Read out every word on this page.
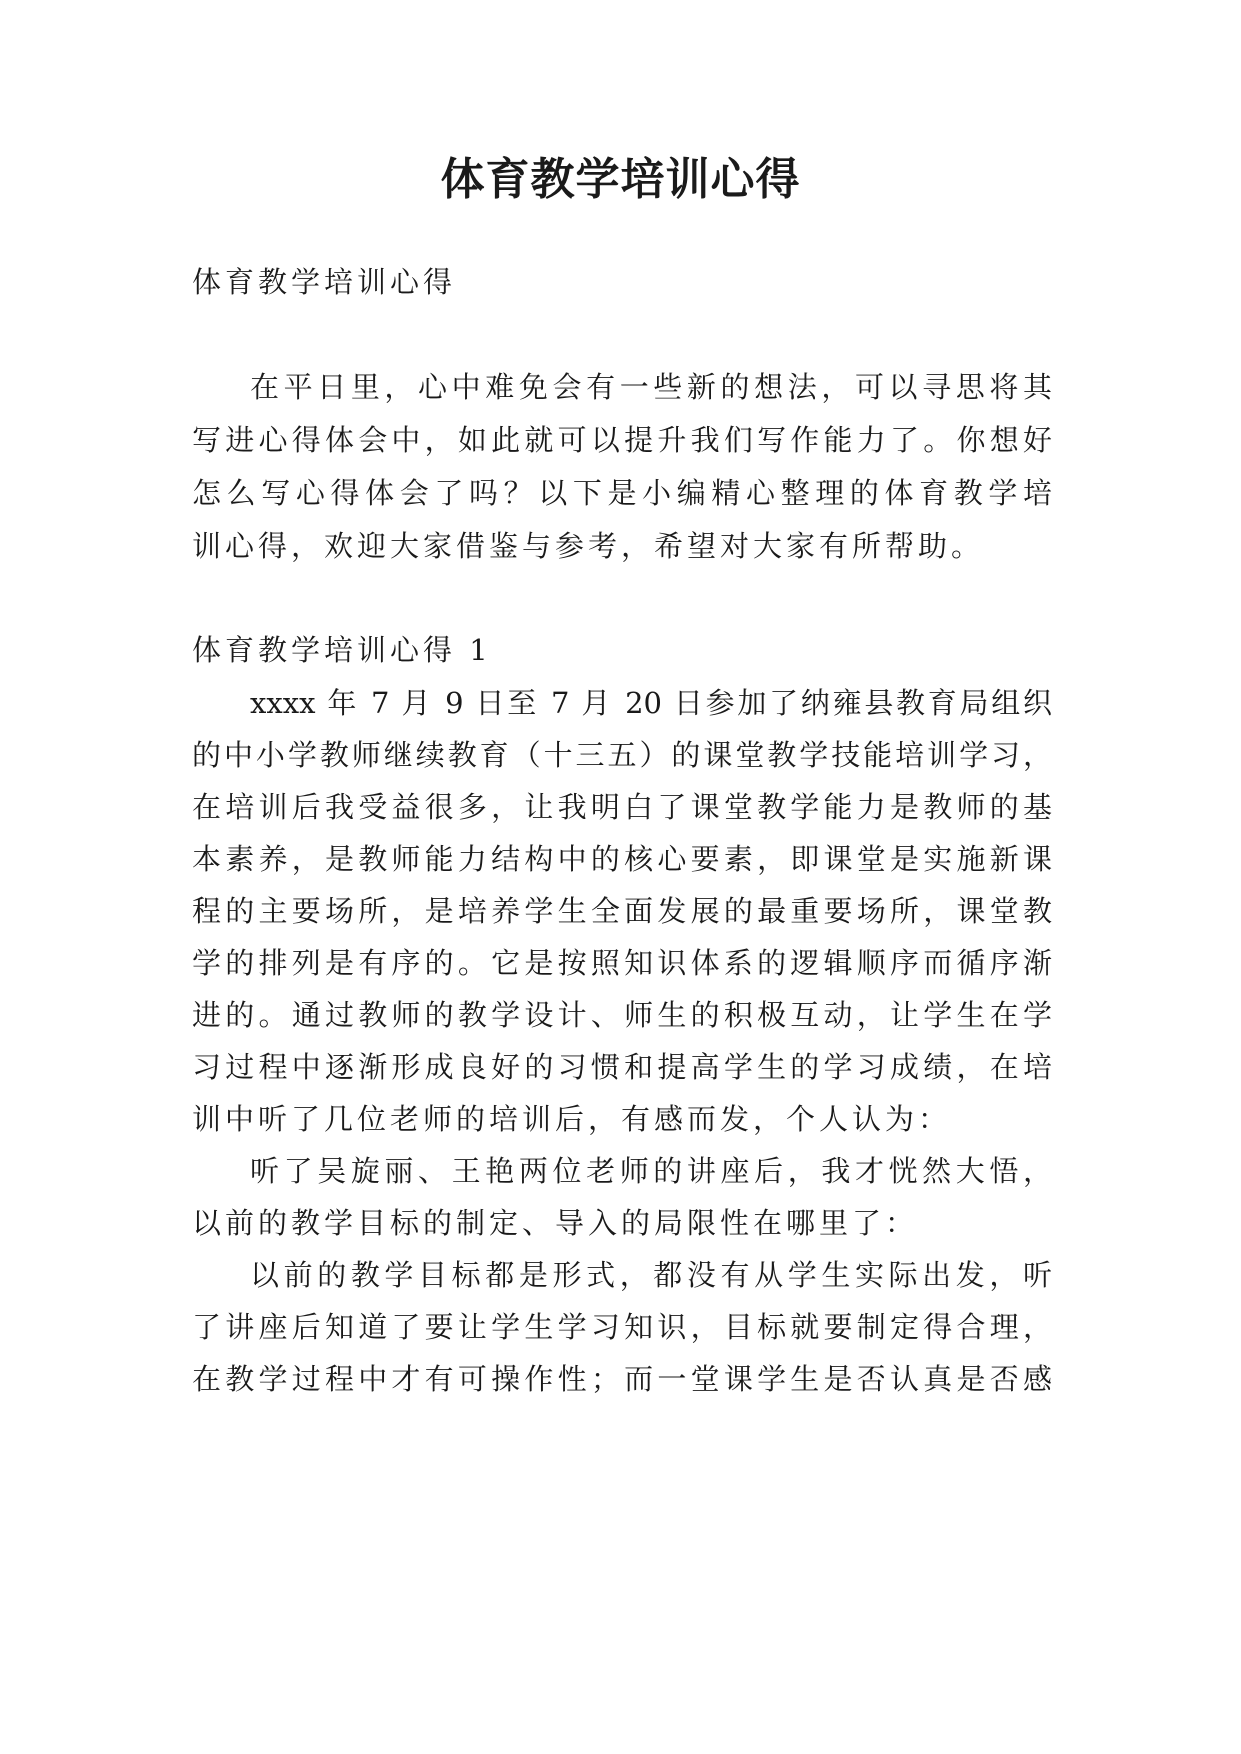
体育教学培训心得
体育教学培训心得
在平日里，心中难免会有一些新的想法，可以寻思将其
写进心得体会中，如此就可以提升我们写作能力了。你想好
怎么写心得体会了吗？以下是小编精心整理的体育教学培
训心得，欢迎大家借鉴与参考，希望对大家有所帮助。
体育教学培训心得 1
xxxx 年 7 月 9 日至 7 月 20 日参加了纳雍县教育局组织
的中小学教师继续教育（十三五）的课堂教学技能培训学习，
在培训后我受益很多，让我明白了课堂教学能力是教师的基
本素养，是教师能力结构中的核心要素，即课堂是实施新课
程的主要场所，是培养学生全面发展的最重要场所，课堂教
学的排列是有序的。它是按照知识体系的逻辑顺序而循序渐
进的。通过教师的教学设计、师生的积极互动，让学生在学
习过程中逐渐形成良好的习惯和提高学生的学习成绩，在培
训中听了几位老师的培训后，有感而发，个人认为：
听了吴旋丽、王艳两位老师的讲座后，我才恍然大悟，
以前的教学目标的制定、导入的局限性在哪里了：
以前的教学目标都是形式，都没有从学生实际出发，听
了讲座后知道了要让学生学习知识，目标就要制定得合理，
在教学过程中才有可操作性；而一堂课学生是否认真是否感
